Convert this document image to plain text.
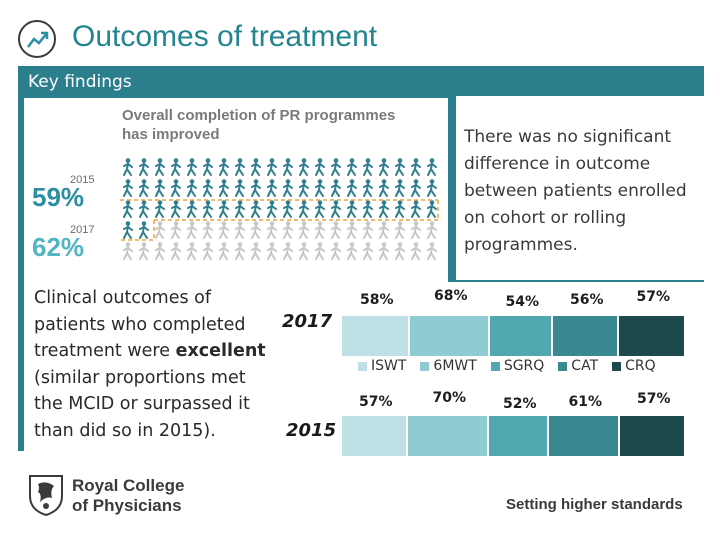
Outcomes of treatment
Key findings
Overall completion of PR programmes has improved
2015
59%
2017
62%
There was no significant difference in outcome between patients enrolled on cohort or rolling programmes.
Clinical outcomes of patients who completed treatment were excellent (similar proportions met the MCID or surpassed it than did so in 2015).
2017
2015
58%	68%	54% 56% 57%
57%	70%	52% 61% 57%
ISWT 6MWT SGRQ CAT CRQ
Royal College
of Physicians	Setting higher standards
